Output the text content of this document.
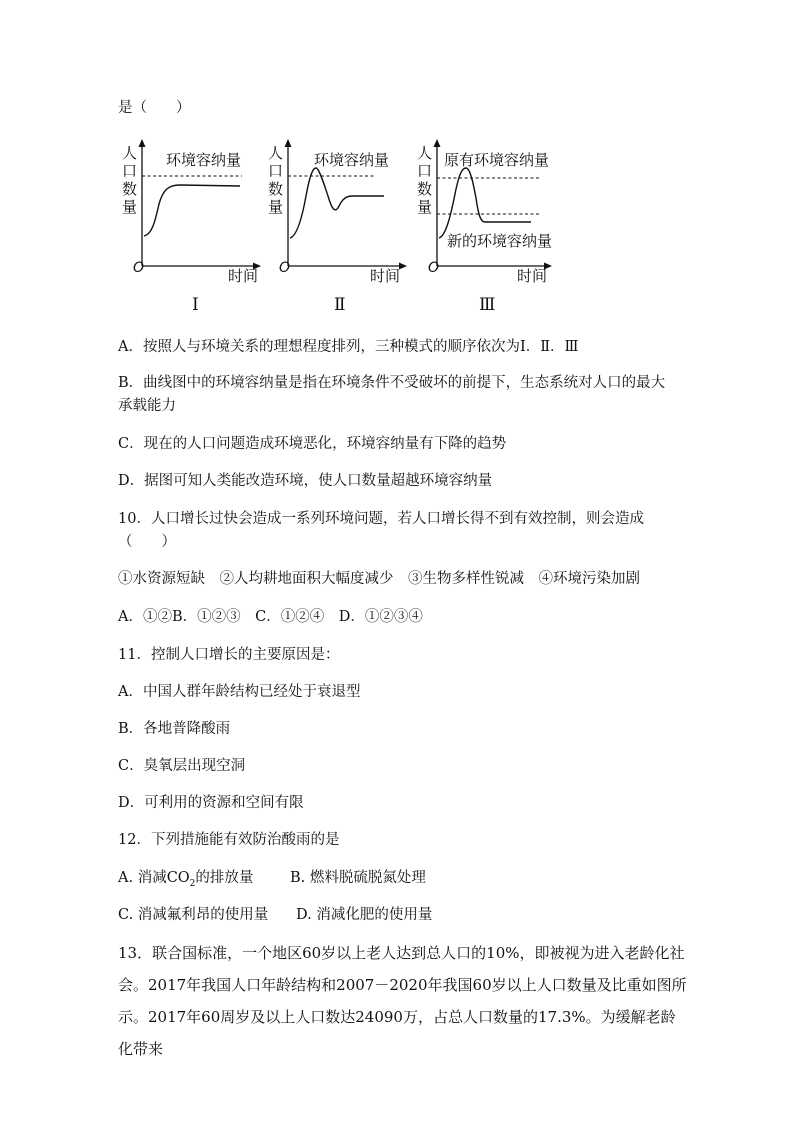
是（　　）
人
口
数
量
环境容纳量
O	时间
Ⅰ
人
口
数
量
环境容纳量
O	时间
Ⅱ
人
口
数
量
原有环境容纳量
新的环境容纳量
O	时间
Ⅲ
A．按照人与环境关系的理想程度排列，三种模式的顺序依次为Ⅰ．Ⅱ．Ⅲ
B．曲线图中的环境容纳量是指在环境条件不受破坏的前提下，生态系统对人口的最大承载能力
C．现在的人口问题造成环境恶化，环境容纳量有下降的趋势
D．据图可知人类能改造环境，使人口数量超越环境容纳量
10．人口增长过快会造成一系列环境问题，若人口增长得不到有效控制，则会造成（　　）
①水资源短缺　②人均耕地面积大幅度减少　③生物多样性锐减　④环境污染加剧
A．①②B．①②③　C．①②④　D．①②③④
11．控制人口增长的主要原因是：
A．中国人群年龄结构已经处于衰退型
B．各地普降酸雨
C．臭氧层出现空洞
D．可利用的资源和空间有限
12．下列措施能有效防治酸雨的是
A. 消减$CO_2$的排放量	B. 燃料脱硫脱氮处理
C. 消减氟利昂的使用量 D. 消减化肥的使用量
13．联合国标准，一个地区60岁以上老人达到总人口的10%，即被视为进入老龄化社会。2017年我国人口年龄结构和2007－2020年我国60岁以上人口数量及比重如图所示。2017年60周岁及以上人口数达24090万，占总人口数量的17.3%。为缓解老龄化带来
